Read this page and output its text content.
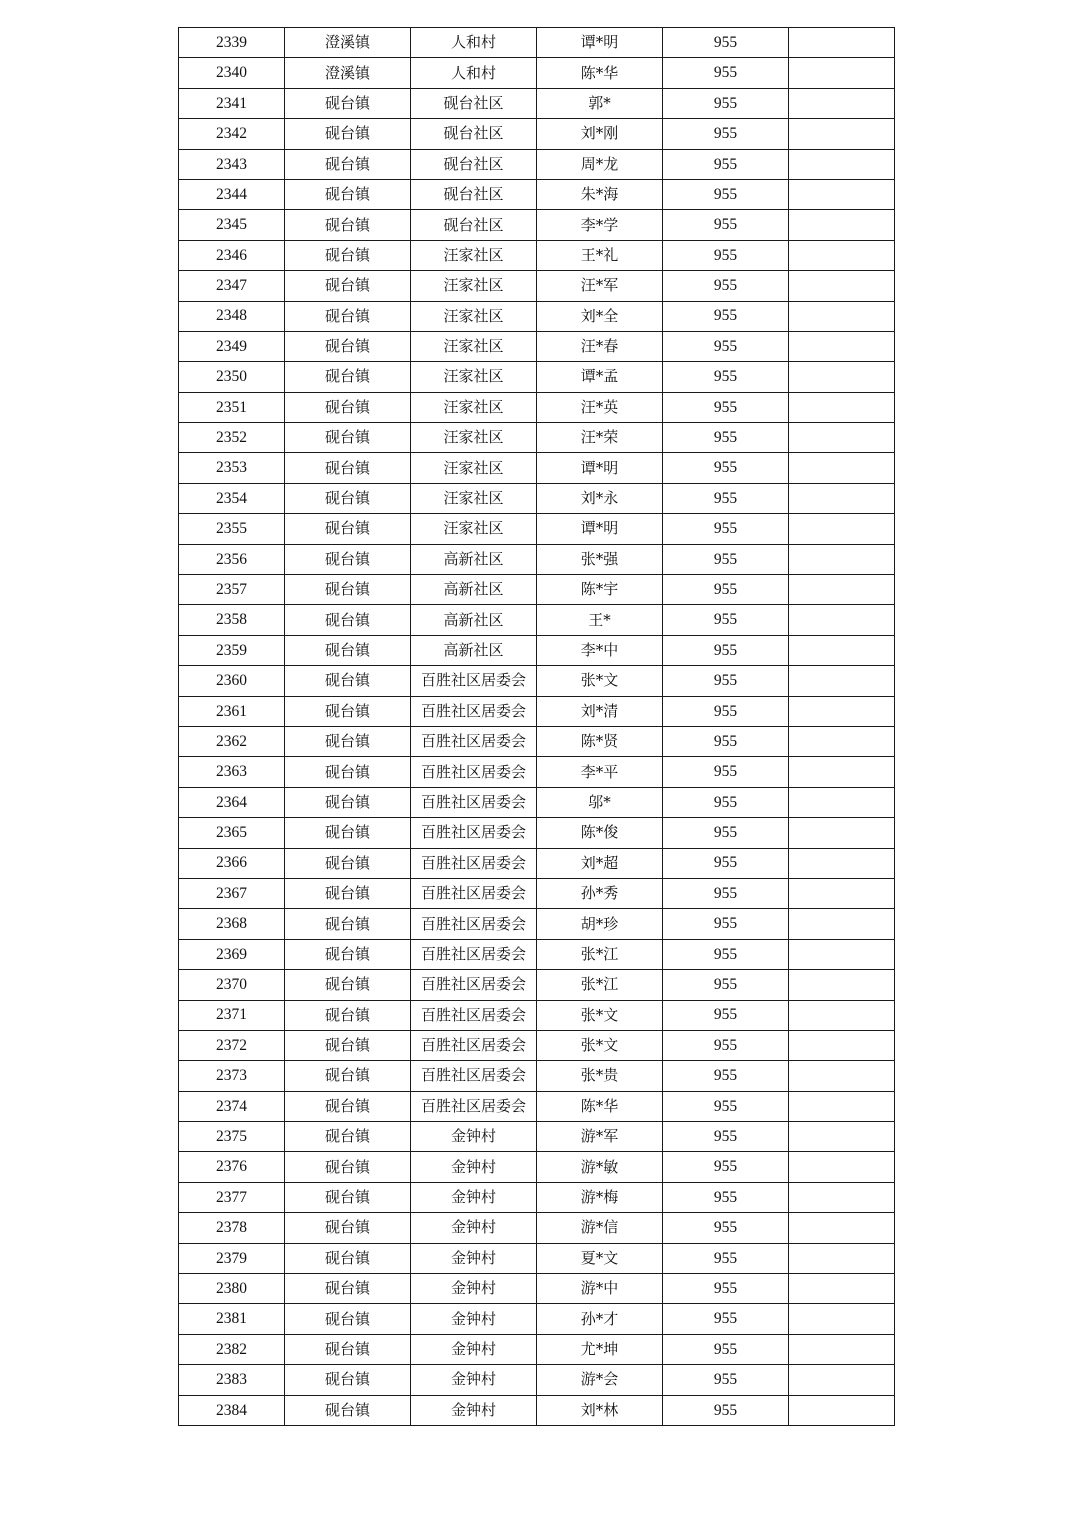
2339	澄溪镇	人和村	谭*明	955	
2340	澄溪镇	人和村	陈*华	955	
2341	砚台镇	砚台社区	郭*	955	
2342	砚台镇	砚台社区	刘*刚	955	
2343	砚台镇	砚台社区	周*龙	955	
2344	砚台镇	砚台社区	朱*海	955	
2345	砚台镇	砚台社区	李*学	955	
2346	砚台镇	汪家社区	王*礼	955	
2347	砚台镇	汪家社区	汪*军	955	
2348	砚台镇	汪家社区	刘*全	955	
2349	砚台镇	汪家社区	汪*春	955	
2350	砚台镇	汪家社区	谭*孟	955	
2351	砚台镇	汪家社区	汪*英	955	
2352	砚台镇	汪家社区	汪*荣	955	
2353	砚台镇	汪家社区	谭*明	955	
2354	砚台镇	汪家社区	刘*永	955	
2355	砚台镇	汪家社区	谭*明	955	
2356	砚台镇	高新社区	张*强	955	
2357	砚台镇	高新社区	陈*宇	955	
2358	砚台镇	高新社区	王*	955	
2359	砚台镇	高新社区	李*中	955	
2360	砚台镇	百胜社区居委会	张*文	955	
2361	砚台镇	百胜社区居委会	刘*清	955	
2362	砚台镇	百胜社区居委会	陈*贤	955	
2363	砚台镇	百胜社区居委会	李*平	955	
2364	砚台镇	百胜社区居委会	邬*	955	
2365	砚台镇	百胜社区居委会	陈*俊	955	
2366	砚台镇	百胜社区居委会	刘*超	955	
2367	砚台镇	百胜社区居委会	孙*秀	955	
2368	砚台镇	百胜社区居委会	胡*珍	955	
2369	砚台镇	百胜社区居委会	张*江	955	
2370	砚台镇	百胜社区居委会	张*江	955	
2371	砚台镇	百胜社区居委会	张*文	955	
2372	砚台镇	百胜社区居委会	张*文	955	
2373	砚台镇	百胜社区居委会	张*贵	955	
2374	砚台镇	百胜社区居委会	陈*华	955	
2375	砚台镇	金钟村	游*军	955	
2376	砚台镇	金钟村	游*敏	955	
2377	砚台镇	金钟村	游*梅	955	
2378	砚台镇	金钟村	游*信	955	
2379	砚台镇	金钟村	夏*文	955	
2380	砚台镇	金钟村	游*中	955	
2381	砚台镇	金钟村	孙*才	955	
2382	砚台镇	金钟村	尤*坤	955	
2383	砚台镇	金钟村	游*会	955	
2384	砚台镇	金钟村	刘*林	955	
